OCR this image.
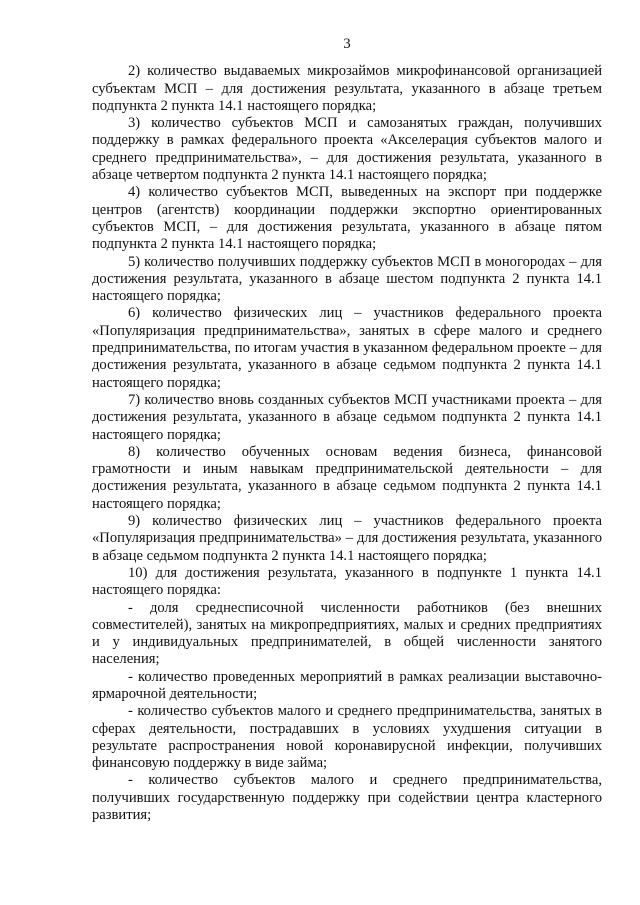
3

2) количество выдаваемых микрозаймов микрофинансовой организацией субъектам МСП – для достижения результата, указанного в абзаце третьем подпункта 2 пункта 14.1 настоящего порядка;

3) количество субъектов МСП и самозанятых граждан, получивших поддержку в рамках федерального проекта «Акселерация субъектов малого и среднего предпринимательства», – для достижения результата, указанного в абзаце четвертом подпункта 2 пункта 14.1 настоящего порядка;

4) количество субъектов МСП, выведенных на экспорт при поддержке центров (агентств) координации поддержки экспортно ориентированных субъектов МСП, – для достижения результата, указанного в абзаце пятом подпункта 2 пункта 14.1 настоящего порядка;

5) количество получивших поддержку субъектов МСП в моногородах – для достижения результата, указанного в абзаце шестом подпункта 2 пункта 14.1 настоящего порядка;

6) количество физических лиц – участников федерального проекта «Популяризация предпринимательства», занятых в сфере малого и среднего предпринимательства, по итогам участия в указанном федеральном проекте – для достижения результата, указанного в абзаце седьмом подпункта 2 пункта 14.1 настоящего порядка;

7) количество вновь созданных субъектов МСП участниками проекта – для достижения результата, указанного в абзаце седьмом подпункта 2 пункта 14.1 настоящего порядка;

8) количество обученных основам ведения бизнеса, финансовой грамотности и иным навыкам предпринимательской деятельности – для достижения результата, указанного в абзаце седьмом подпункта 2 пункта 14.1 настоящего порядка;

9) количество физических лиц – участников федерального проекта «Популяризация предпринимательства» – для достижения результата, указанного в абзаце седьмом подпункта 2 пункта 14.1 настоящего порядка;

10) для достижения результата, указанного в подпункте 1 пункта 14.1 настоящего порядка:

- доля среднесписочной численности работников (без внешних совместителей), занятых на микропредприятиях, малых и средних предприятиях и у индивидуальных предпринимателей, в общей численности занятого населения;

- количество проведенных мероприятий в рамках реализации выставочно-ярмарочной деятельности;

- количество субъектов малого и среднего предпринимательства, занятых в сферах деятельности, пострадавших в условиях ухудшения ситуации в результате распространения новой коронавирусной инфекции, получивших финансовую поддержку в виде займа;

- количество субъектов малого и среднего предпринимательства, получивших государственную поддержку при содействии центра кластерного развития;
